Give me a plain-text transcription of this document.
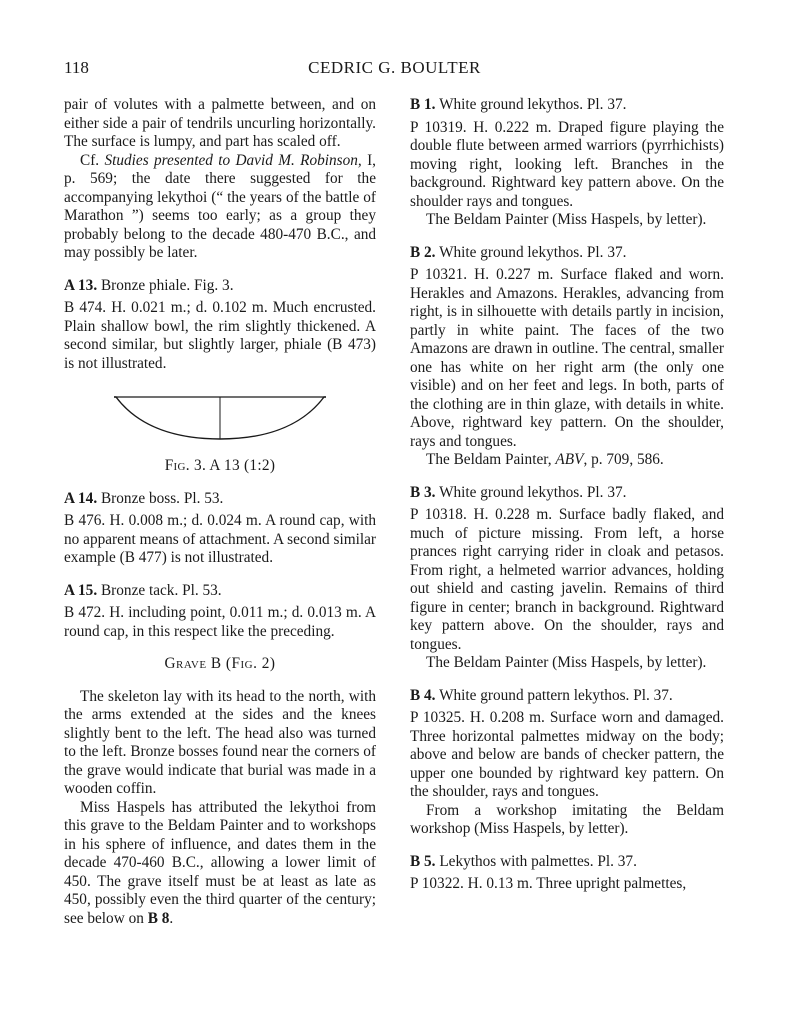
118	CEDRIC G. BOULTER

pair of volutes with a palmette between, and on either side a pair of tendrils uncurling horizontally. The surface is lumpy, and part has scaled off.

Cf. Studies presented to David M. Robinson, I, p. 569; the date there suggested for the accompanying lekythoi (“ the years of the battle of Marathon ”) seems too early; as a group they probably belong to the decade 480-470 B.C., and may possibly be later.

A 13. Bronze phiale. Fig. 3.

B 474. H. 0.021 m.; d. 0.102 m. Much encrusted. Plain shallow bowl, the rim slightly thickened. A second similar, but slightly larger, phiale (B 473) is not illustrated.

Fig. 3. A 13 (1:2)

A 14. Bronze boss. Pl. 53.

B 476. H. 0.008 m.; d. 0.024 m. A round cap, with no apparent means of attachment. A second similar example (B 477) is not illustrated.

A 15. Bronze tack. Pl. 53.

B 472. H. including point, 0.011 m.; d. 0.013 m. A round cap, in this respect like the preceding.

Grave B (Fig. 2)

The skeleton lay with its head to the north, with the arms extended at the sides and the knees slightly bent to the left. The head also was turned to the left. Bronze bosses found near the corners of the grave would indicate that burial was made in a wooden coffin.

Miss Haspels has attributed the lekythoi from this grave to the Beldam Painter and to workshops in his sphere of influence, and dates them in the decade 470-460 B.C., allowing a lower limit of 450. The grave itself must be at least as late as 450, possibly even the third quarter of the century; see below on B 8.

B 1. White ground lekythos. Pl. 37.

P 10319. H. 0.222 m. Draped figure playing the double flute between armed warriors (pyrrhichists) moving right, looking left. Branches in the background. Rightward key pattern above. On the shoulder rays and tongues.

The Beldam Painter (Miss Haspels, by letter).

B 2. White ground lekythos. Pl. 37.

P 10321. H. 0.227 m. Surface flaked and worn. Herakles and Amazons. Herakles, advancing from right, is in silhouette with details partly in incision, partly in white paint. The faces of the two Amazons are drawn in outline. The central, smaller one has white on her right arm (the only one visible) and on her feet and legs. In both, parts of the clothing are in thin glaze, with details in white. Above, rightward key pattern. On the shoulder, rays and tongues.

The Beldam Painter, ABV, p. 709, 586.

B 3. White ground lekythos. Pl. 37.

P 10318. H. 0.228 m. Surface badly flaked, and much of picture missing. From left, a horse prances right carrying rider in cloak and petasos. From right, a helmeted warrior advances, holding out shield and casting javelin. Remains of third figure in center; branch in background. Rightward key pattern above. On the shoulder, rays and tongues.

The Beldam Painter (Miss Haspels, by letter).

B 4. White ground pattern lekythos. Pl. 37.

P 10325. H. 0.208 m. Surface worn and damaged. Three horizontal palmettes midway on the body; above and below are bands of checker pattern, the upper one bounded by rightward key pattern. On the shoulder, rays and tongues.

From a workshop imitating the Beldam workshop (Miss Haspels, by letter).

B 5. Lekythos with palmettes. Pl. 37.

P 10322. H. 0.13 m. Three upright palmettes,
